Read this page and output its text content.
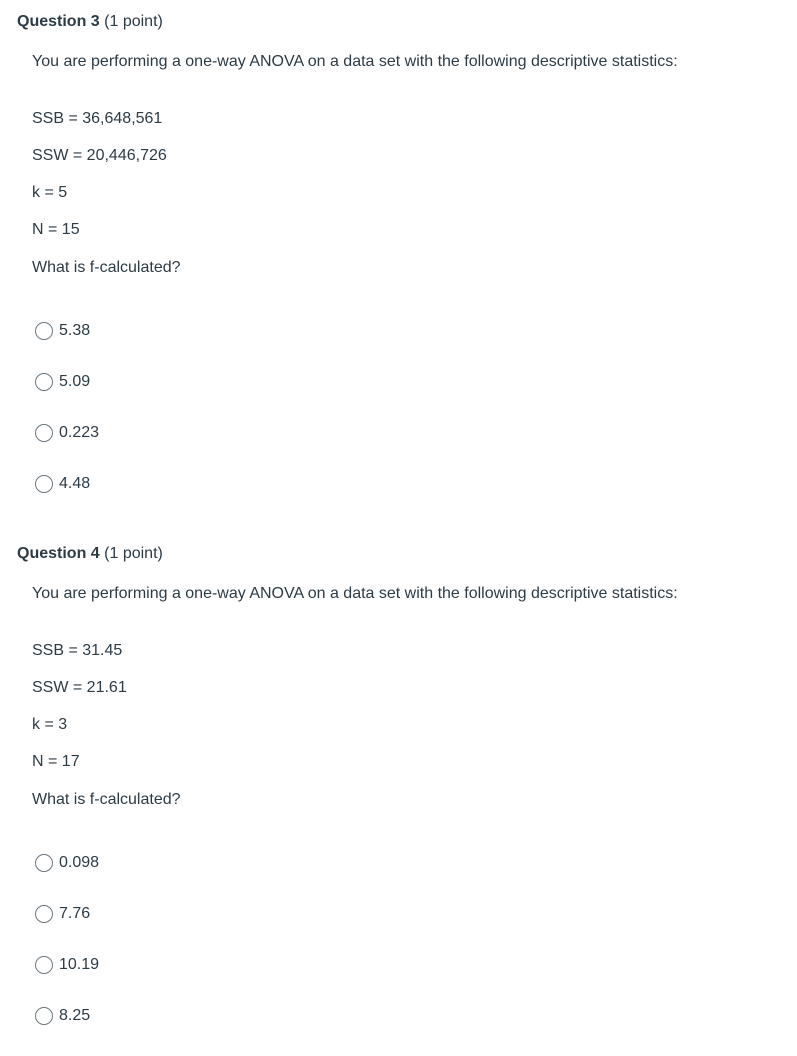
Question 3 (1 point)
You are performing a one-way ANOVA on a data set with the following descriptive statistics:
SSB = 36,648,561
SSW = 20,446,726
k = 5
N = 15
What is f-calculated?
5.38
5.09
0.223
4.48
Question 4 (1 point)
You are performing a one-way ANOVA on a data set with the following descriptive statistics:
SSB = 31.45
SSW = 21.61
k = 3
N = 17
What is f-calculated?
0.098
7.76
10.19
8.25
